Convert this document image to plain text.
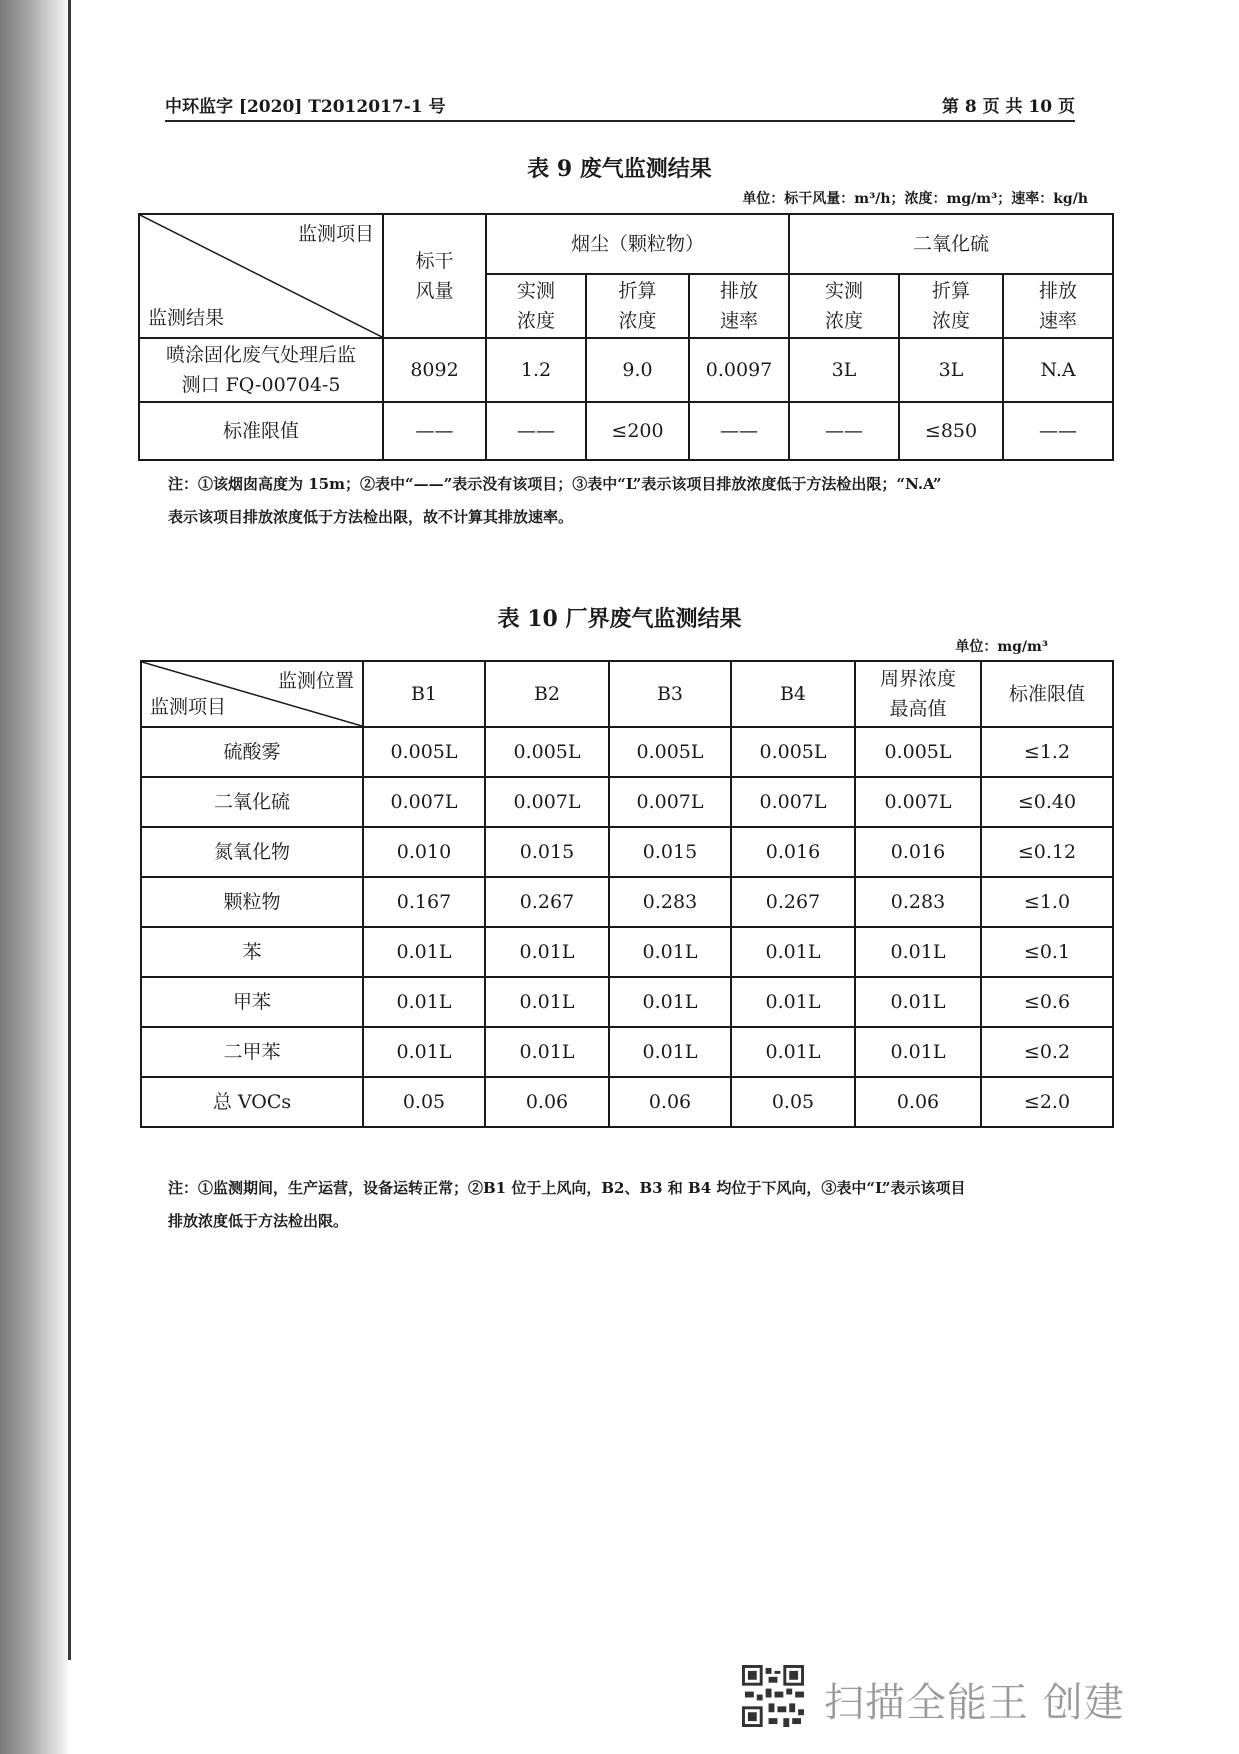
中环监字 [2020] T2012017-1 号	第 8 页 共 10 页
表 9 废气监测结果
单位：标干风量：m³/h；浓度：mg/m³；速率：kg/h
监测项目
监测结果	标干风量	烟尘（颗粒物）			二氧化硫		

		实测浓度	折算浓度	排放速率	实测浓度	折算浓度	排放速率

喷涂固化废气处理后监测口 FQ-00704-5	8092	1.2	9.0	0.0097	3L	3L	N.A
标准限值	——	——	≤200	——	——	≤850	——
注：①该烟囱高度为 15m；②表中“——”表示没有该项目；③表中“L”表示该项目排放浓度低于方法检出限；“N.A”
表示该项目排放浓度低于方法检出限，故不计算其排放速率。
表 10 厂界废气监测结果
单位：mg/m³
监测位置
监测项目	B1	B2	B3	B4	周界浓度最高值	标准限值
硫酸雾	0.005L	0.005L	0.005L	0.005L	0.005L	≤1.2
二氧化硫	0.007L	0.007L	0.007L	0.007L	0.007L	≤0.40
氮氧化物	0.010	0.015	0.015	0.016	0.016	≤0.12
颗粒物	0.167	0.267	0.283	0.267	0.283	≤1.0
苯	0.01L	0.01L	0.01L	0.01L	0.01L	≤0.1
甲苯	0.01L	0.01L	0.01L	0.01L	0.01L	≤0.6
二甲苯	0.01L	0.01L	0.01L	0.01L	0.01L	≤0.2
总 VOCs	0.05	0.06	0.06	0.05	0.06	≤2.0
注：①监测期间，生产运营，设备运转正常；②B1 位于上风向，B2、B3 和 B4 均位于下风向，③表中“L”表示该项目
排放浓度低于方法检出限。
扫描全能王 创建
